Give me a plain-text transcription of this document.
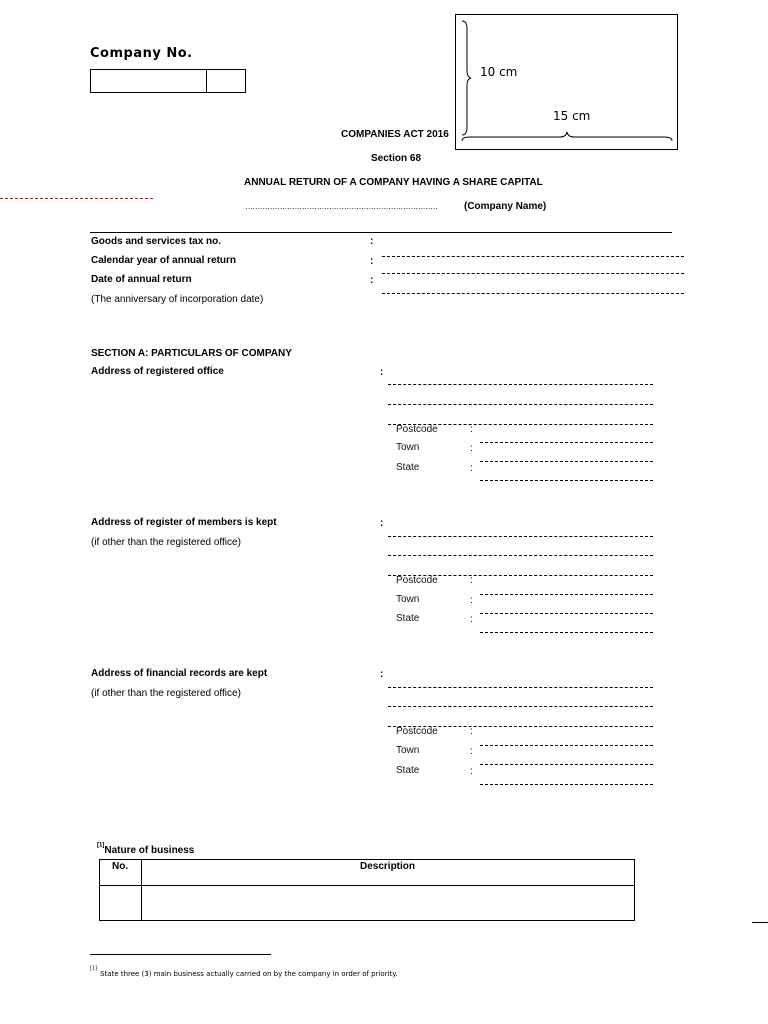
Company No.
10 cm
15 cm
COMPANIES ACT 2016
Section 68
ANNUAL RETURN OF A COMPANY HAVING A SHARE CAPITAL
……………………………………………………………………	(Company Name)
Goods and services tax no.	:
Calendar year of annual return	:
Date of annual return	:
(The anniversary of incorporation date)
SECTION A: PARTICULARS OF COMPANY
Address of registered office	:
Postcode	:
Town	:
State	:
Address of register of members is kept
(if other than the registered office)
:
Postcode	:
Town	:
State	:
Address of financial records are kept
(if other than the registered office)
:
Postcode	:
Town	:
State	:
[1]Nature of business
No.	Description
[1]State three (3) main business actually carried on by the company in order of priority.
